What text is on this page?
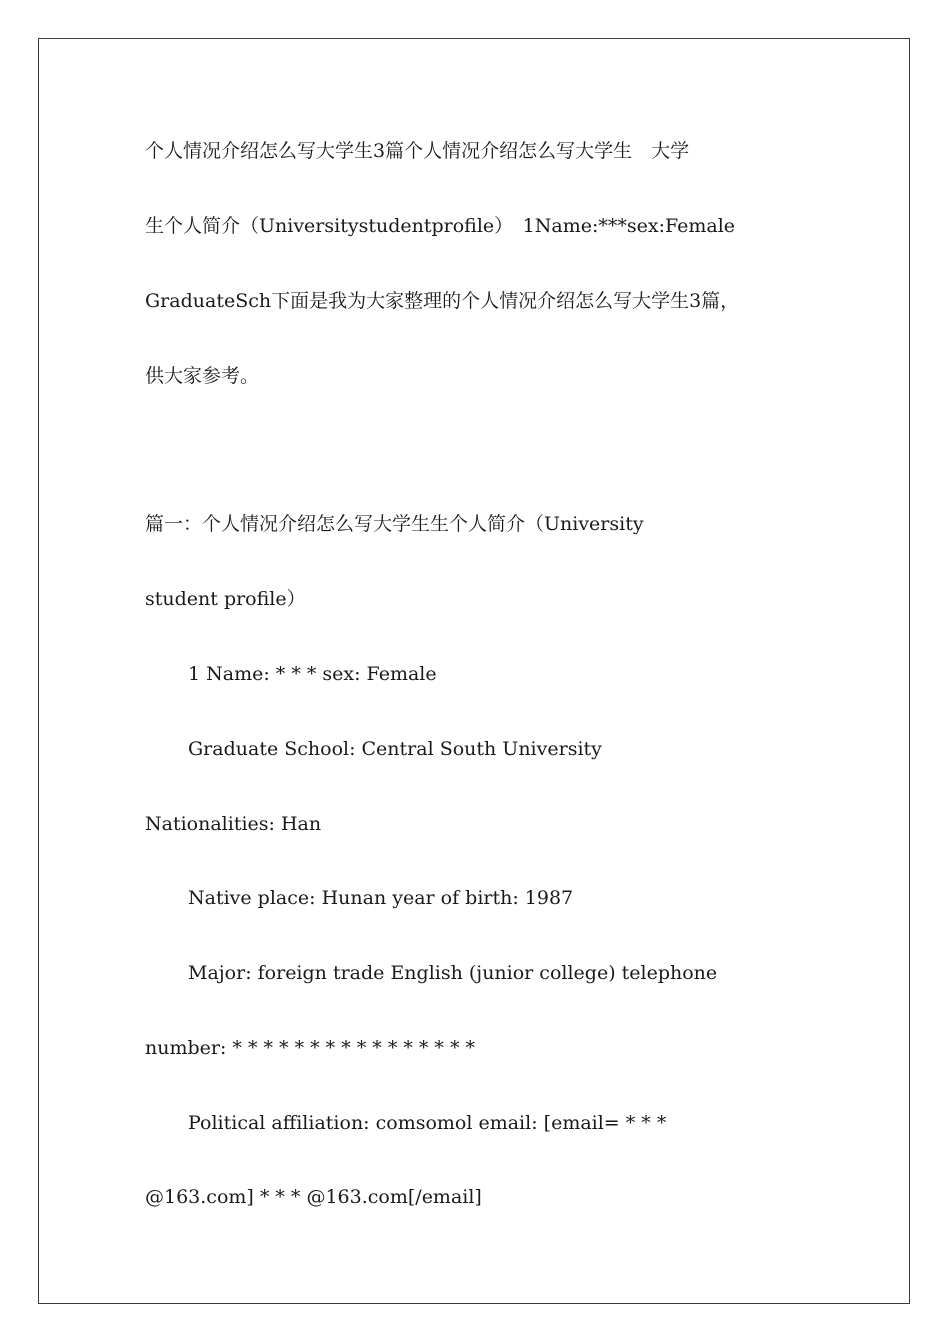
个人情况介绍怎么写大学生3篇个人情况介绍怎么写大学生　大学
生个人简介（Universitystudentprofile）　1Name:***sex:Female
GraduateSch下面是我为大家整理的个人情况介绍怎么写大学生3篇，
供大家参考。
篇一：个人情况介绍怎么写大学生生个人简介（University
student profile）
1 Name: * * * sex: Female
Graduate School: Central South University
Nationalities: Han
Native place: Hunan year of birth: 1987
Major: foreign trade English (junior college) telephone
number: * * * * * * * * * * * * * * * *
Political affiliation: comsomol email: [email= * * *
@163.com] * * * @163.com[/email]
